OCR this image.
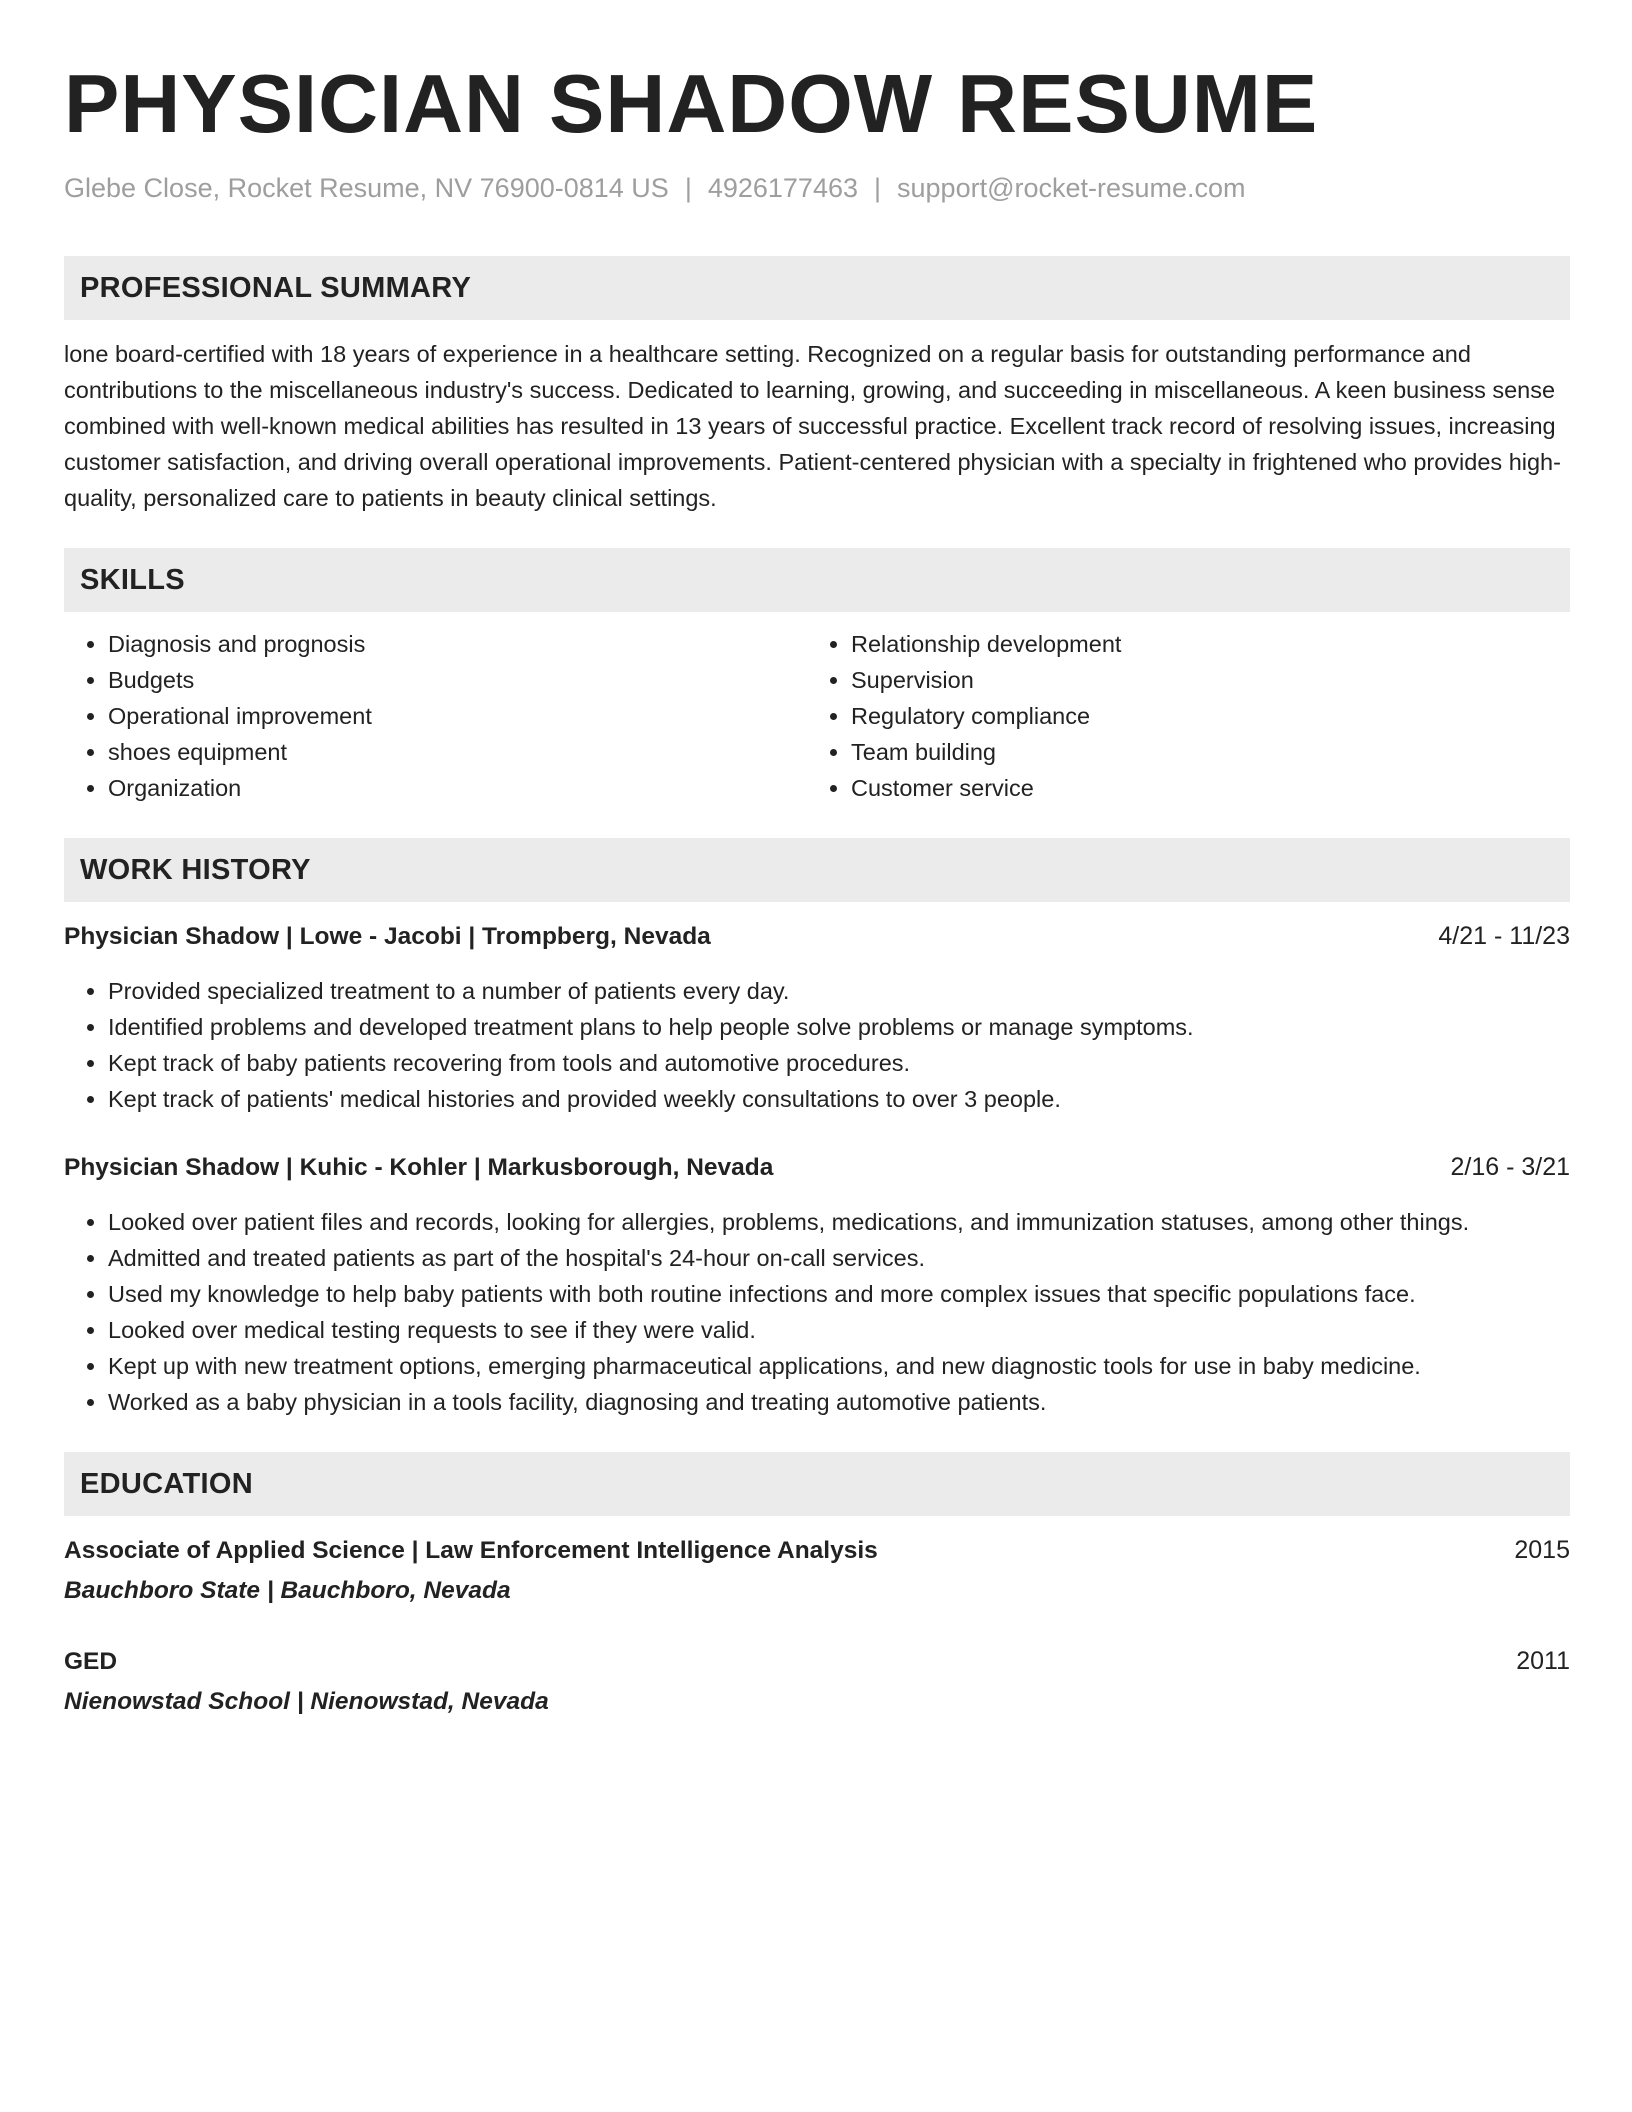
PHYSICIAN SHADOW RESUME
Glebe Close, Rocket Resume, NV 76900-0814 US | 4926177463 | support@rocket-resume.com
PROFESSIONAL SUMMARY
lone board-certified with 18 years of experience in a healthcare setting. Recognized on a regular basis for outstanding performance and contributions to the miscellaneous industry's success. Dedicated to learning, growing, and succeeding in miscellaneous. A keen business sense combined with well-known medical abilities has resulted in 13 years of successful practice. Excellent track record of resolving issues, increasing customer satisfaction, and driving overall operational improvements. Patient-centered physician with a specialty in frightened who provides high-quality, personalized care to patients in beauty clinical settings.
SKILLS
• Diagnosis and prognosis
• Budgets
• Operational improvement
• shoes equipment
• Organization
• Relationship development
• Supervision
• Regulatory compliance
• Team building
• Customer service
WORK HISTORY
Physician Shadow | Lowe - Jacobi | Trompberg, Nevada	4/21 - 11/23
• Provided specialized treatment to a number of patients every day.
• Identified problems and developed treatment plans to help people solve problems or manage symptoms.
• Kept track of baby patients recovering from tools and automotive procedures.
• Kept track of patients' medical histories and provided weekly consultations to over 3 people.
Physician Shadow | Kuhic - Kohler | Markusborough, Nevada	2/16 - 3/21
• Looked over patient files and records, looking for allergies, problems, medications, and immunization statuses, among other things.
• Admitted and treated patients as part of the hospital's 24-hour on-call services.
• Used my knowledge to help baby patients with both routine infections and more complex issues that specific populations face.
• Looked over medical testing requests to see if they were valid.
• Kept up with new treatment options, emerging pharmaceutical applications, and new diagnostic tools for use in baby medicine.
• Worked as a baby physician in a tools facility, diagnosing and treating automotive patients.
EDUCATION
Associate of Applied Science | Law Enforcement Intelligence Analysis	2015
Bauchboro State | Bauchboro, Nevada
GED	2011
Nienowstad School | Nienowstad, Nevada
